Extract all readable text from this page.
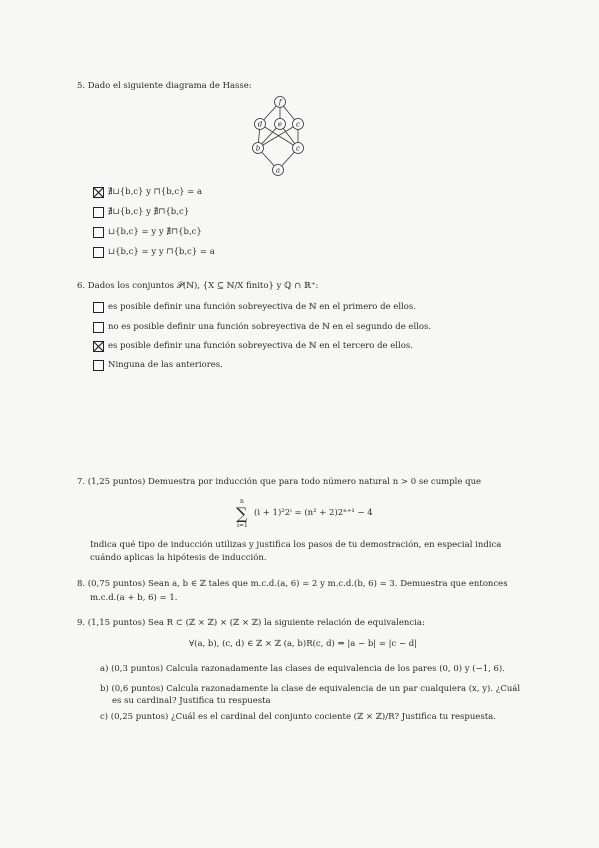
5. Dado el siguiente diagrama de Hasse:
f
d e c
b	c
a
∄⊔{b,c} y ⊓{b,c} = a
∄⊔{b,c} y ∄⊓{b,c}
⊔{b,c} = y y ∄⊓{b,c}
⊔{b,c} = y y ⊓{b,c} = a
6. Dados los conjuntos 𝒫(ℕ), {X ⊆ ℕ/X finito} y ℚ ∩ ℝ⁺:
es posible definir una función sobreyectiva de ℕ en el primero de ellos.
no es posible definir una función sobreyectiva de ℕ en el segundo de ellos.
es posible definir una función sobreyectiva de ℕ en el tercero de ellos.
Ninguna de las anteriores.
7. (1,25 puntos) Demuestra por inducción que para todo número natural n > 0 se cumple que
n
∑
i=1
(i + 1)²2ⁱ = (n² + 2)2ⁿ⁺¹ − 4
Indica qué tipo de inducción utilizas y justifica los pasos de tu demostración, en especial indica
cuándo aplicas la hipótesis de inducción.
8. (0,75 puntos) Sean a, b ∈ ℤ tales que m.c.d.(a, 6) = 2 y m.c.d.(b, 6) = 3. Demuestra que entonces
m.c.d.(a + b, 6) = 1.
9. (1,15 puntos) Sea R ⊂ (ℤ × ℤ) × (ℤ × ℤ) la siguiente relación de equivalencia:
∀(a, b), (c, d) ∈ ℤ × ℤ (a, b)R(c, d) ⇔ |a − b| = |c − d|
a) (0,3 puntos) Calcula razonadamente las clases de equivalencia de los pares (0, 0) y (−1, 6).
b) (0,6 puntos) Calcula razonadamente la clase de equivalencia de un par cualquiera (x, y). ¿Cuál
es su cardinal? Justifica tu respuesta
c) (0,25 puntos) ¿Cuál es el cardinal del conjunto cociente (ℤ × ℤ)/R? Justifica tu respuesta.
